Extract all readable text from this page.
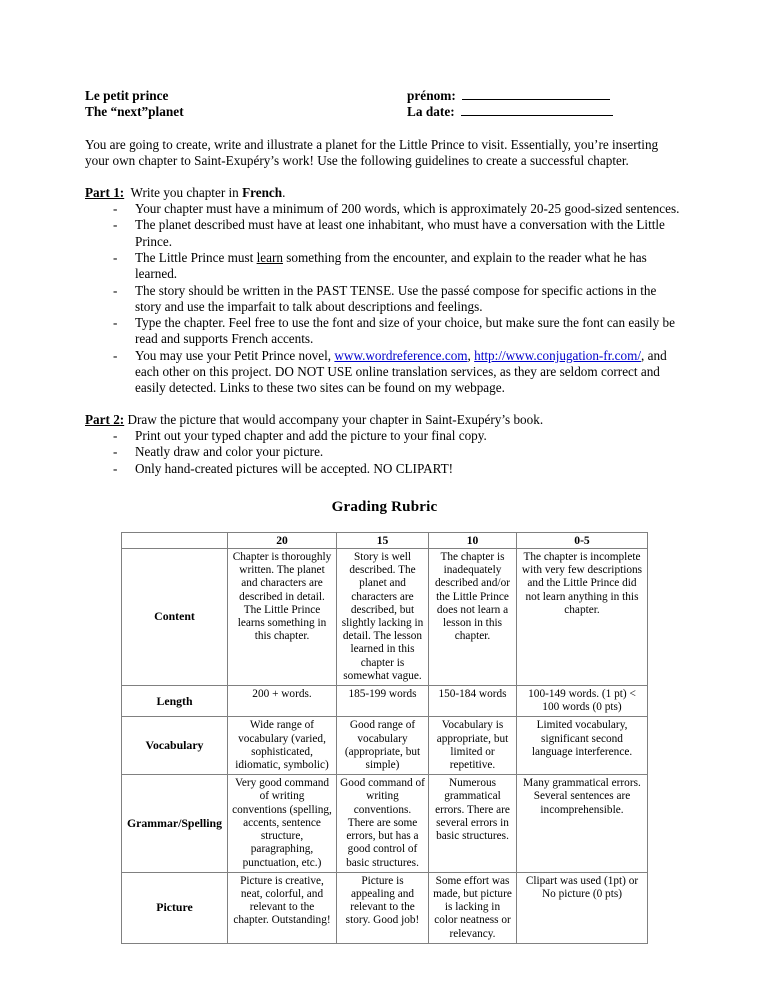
Le petit prince
The “next”planet
prénom:
La date:

You are going to create, write and illustrate a planet for the Little Prince to visit. Essentially, you’re inserting your own chapter to Saint-Exupéry’s work! Use the following guidelines to create a successful chapter.

Part 1: Write you chapter in French.
- Your chapter must have a minimum of 200 words, which is approximately 20-25 good-sized sentences.
- The planet described must have at least one inhabitant, who must have a conversation with the Little Prince.
- The Little Prince must learn something from the encounter, and explain to the reader what he has learned.
- The story should be written in the PAST TENSE. Use the passé compose for specific actions in the story and use the imparfait to talk about descriptions and feelings.
- Type the chapter. Feel free to use the font and size of your choice, but make sure the font can easily be read and supports French accents.
- You may use your Petit Prince novel, www.wordreference.com, http://www.conjugation-fr.com/, and each other on this project. DO NOT USE online translation services, as they are seldom correct and easily detected. Links to these two sites can be found on my webpage.
Part 2: Draw the picture that would accompany your chapter in Saint-Exupéry’s book.
- Print out your typed chapter and add the picture to your final copy.
- Neatly draw and color your picture.
- Only hand-created pictures will be accepted. NO CLIPART!
Grading Rubric
	20	15	10	0-5
Content	Chapter is thoroughly written. The planet and characters are described in detail. The Little Prince learns something in this chapter.	Story is well described. The planet and characters are described, but slightly lacking in detail. The lesson learned in this chapter is somewhat vague.	The chapter is inadequately described and/or the Little Prince does not learn a lesson in this chapter.	The chapter is incomplete with very few descriptions and the Little Prince did not learn anything in this chapter.
Length	200 + words.	185-199 words	150-184 words	100-149 words. (1 pt) < 100 words (0 pts)
Vocabulary	Wide range of vocabulary (varied, sophisticated, idiomatic, symbolic)	Good range of vocabulary (appropriate, but simple)	Vocabulary is appropriate, but limited or repetitive.	Limited vocabulary, significant second language interference.
Grammar/Spelling	Very good command of writing conventions (spelling, accents, sentence structure, paragraphing, punctuation, etc.)	Good command of writing conventions. There are some errors, but has a good control of basic structures.	Numerous grammatical errors. There are several errors in basic structures.	Many grammatical errors. Several sentences are incomprehensible.
Picture	Picture is creative, neat, colorful, and relevant to the chapter. Outstanding!	Picture is appealing and relevant to the story. Good job!	Some effort was made, but picture is lacking in color neatness or relevancy.	Clipart was used (1pt) or No picture (0 pts)
